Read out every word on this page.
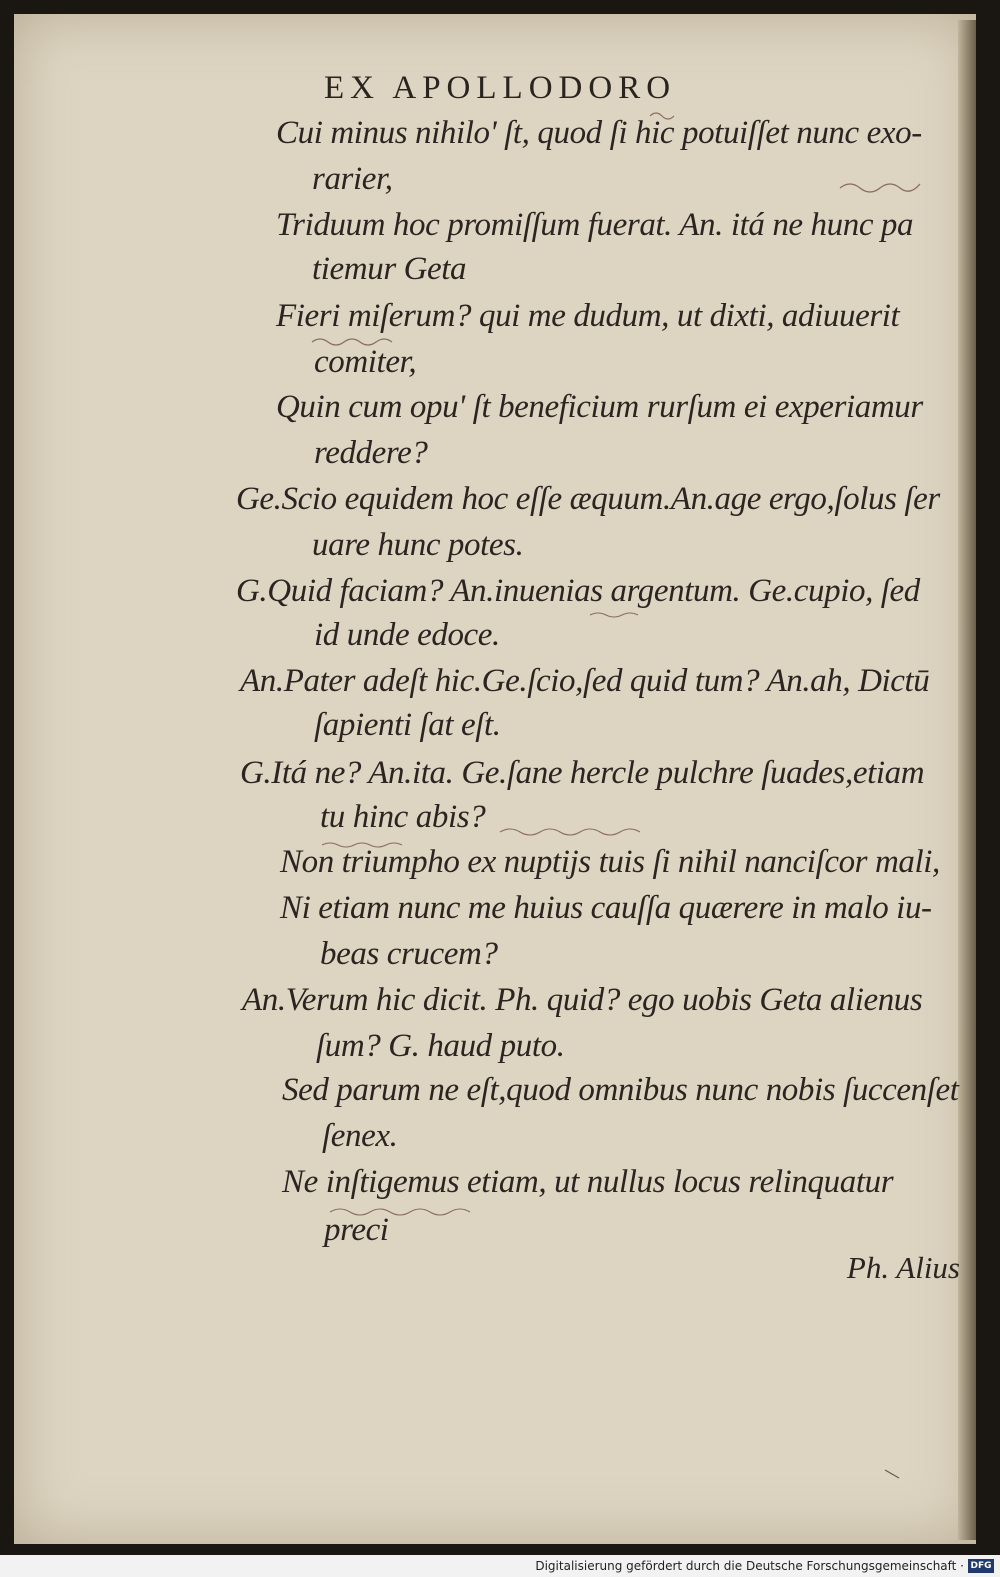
EX APOLLODORO
Cui minus nihilo' ſt, quod ſi hic potuiſſet nunc exo-
rarier,
Triduum hoc promiſſum fuerat. An. itá ne hunc pa
tiemur Geta
Fieri miſerum? qui me dudum, ut dixti, adiuuerit
comiter,
Quin cum opu' ſt beneficium rurſum ei experiamur
reddere?
Ge.Scio equidem hoc eſſe æquum.An.age ergo,ſolus ſer
uare hunc potes.
G.Quid faciam? An.inuenias argentum. Ge.cupio, ſed
id unde edoce.
An.Pater adeſt hic.Ge.ſcio,ſed quid tum? An.ah, Dictū
ſapienti ſat eſt.
G.Itá ne? An.ita. Ge.ſane hercle pulchre ſuades,etiam
tu hinc abis?
Non triumpho ex nuptijs tuis ſi nihil nanciſcor mali,
Ni etiam nunc me huius cauſſa quærere in malo iu-
beas crucem?
An.Verum hic dicit. Ph. quid? ego uobis Geta alienus
ſum? G. haud puto.
Sed parum ne eſt,quod omnibus nunc nobis ſuccenſet
ſenex.
Ne inſtigemus etiam, ut nullus locus relinquatur
preci
Ph. Alius
Digitalisierung gefördert durch die Deutsche Forschungsgemeinschaft · DFG
